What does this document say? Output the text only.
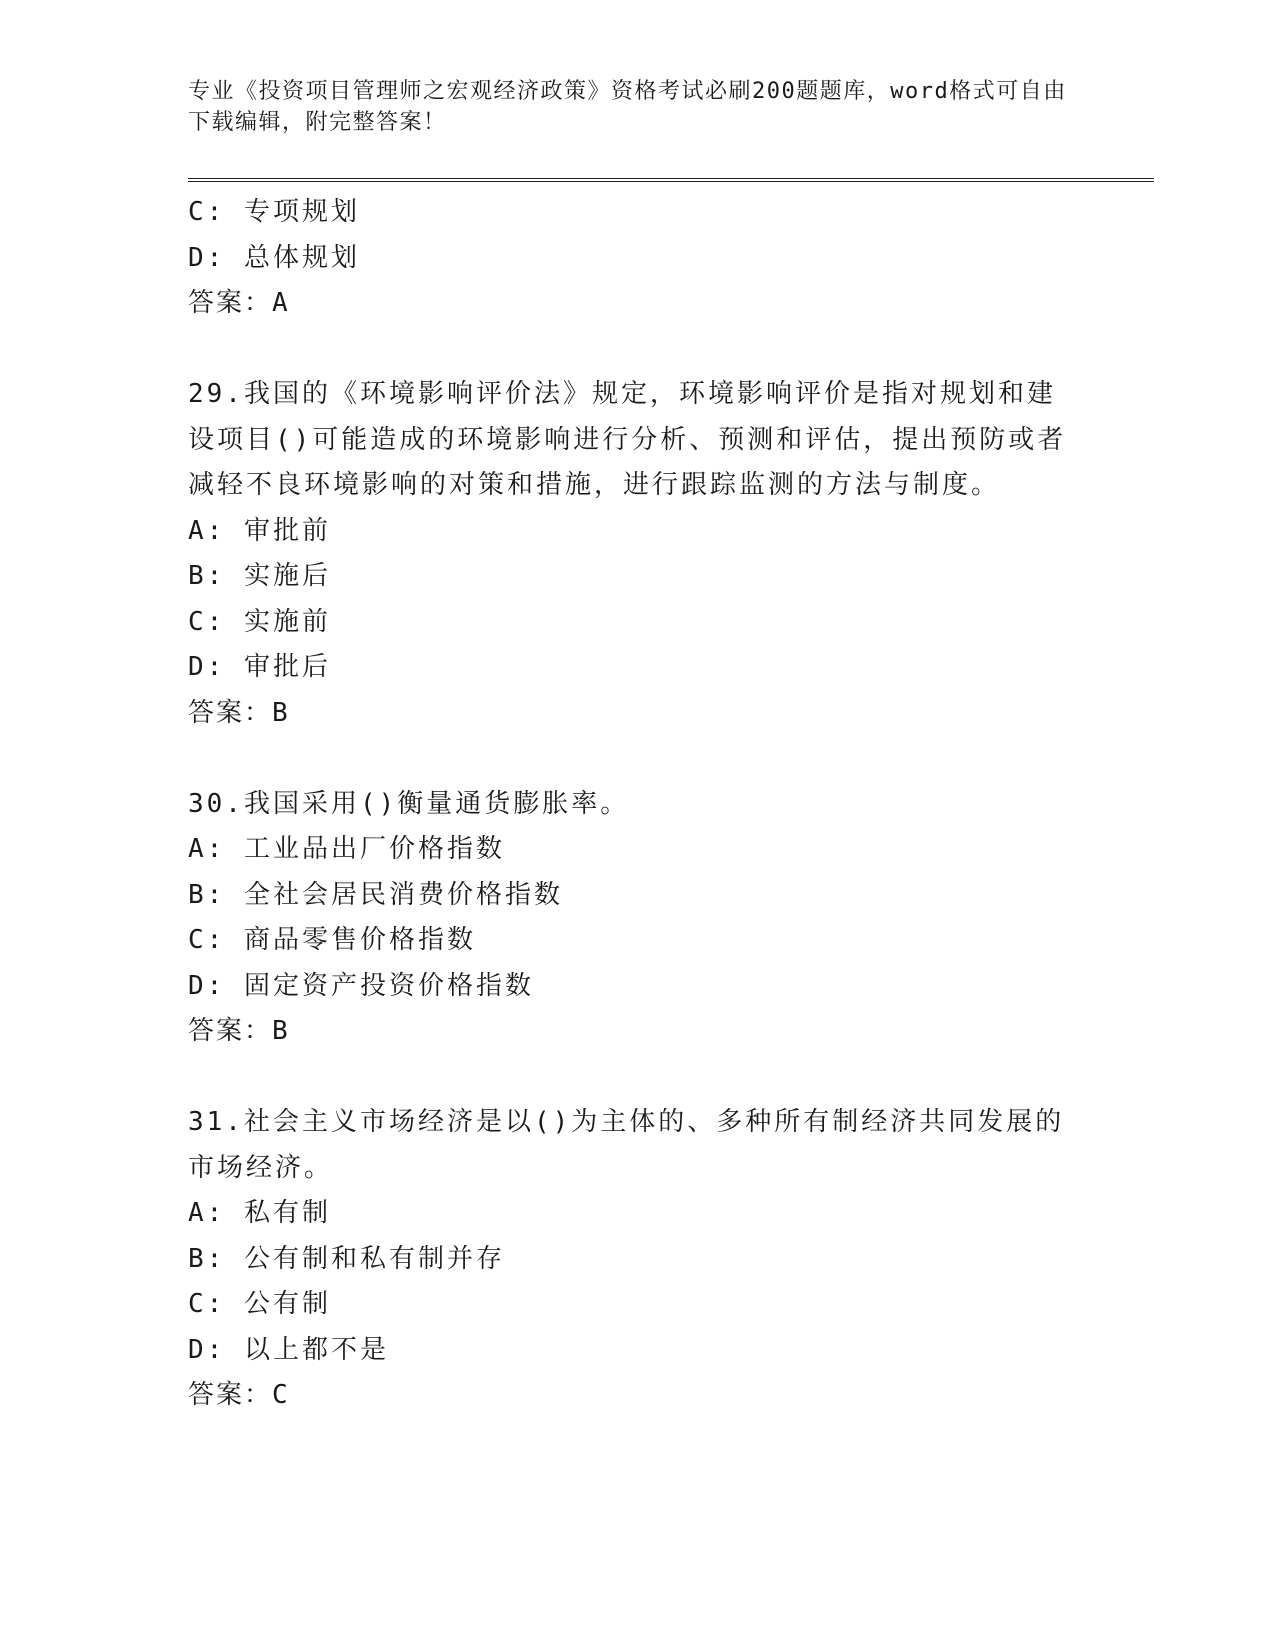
专业《投资项目管理师之宏观经济政策》资格考试必刷200题题库，word格式可自由下载编辑，附完整答案！
C: 专项规划
D: 总体规划
答案：A
29.我国的《环境影响评价法》规定，环境影响评价是指对规划和建设项目()可能造成的环境影响进行分析、预测和评估，提出预防或者减轻不良环境影响的对策和措施，进行跟踪监测的方法与制度。
A: 审批前
B: 实施后
C: 实施前
D: 审批后
答案：B
30.我国采用()衡量通货膨胀率。
A: 工业品出厂价格指数
B: 全社会居民消费价格指数
C: 商品零售价格指数
D: 固定资产投资价格指数
答案：B
31.社会主义市场经济是以()为主体的、多种所有制经济共同发展的市场经济。
A: 私有制
B: 公有制和私有制并存
C: 公有制
D: 以上都不是
答案：C
